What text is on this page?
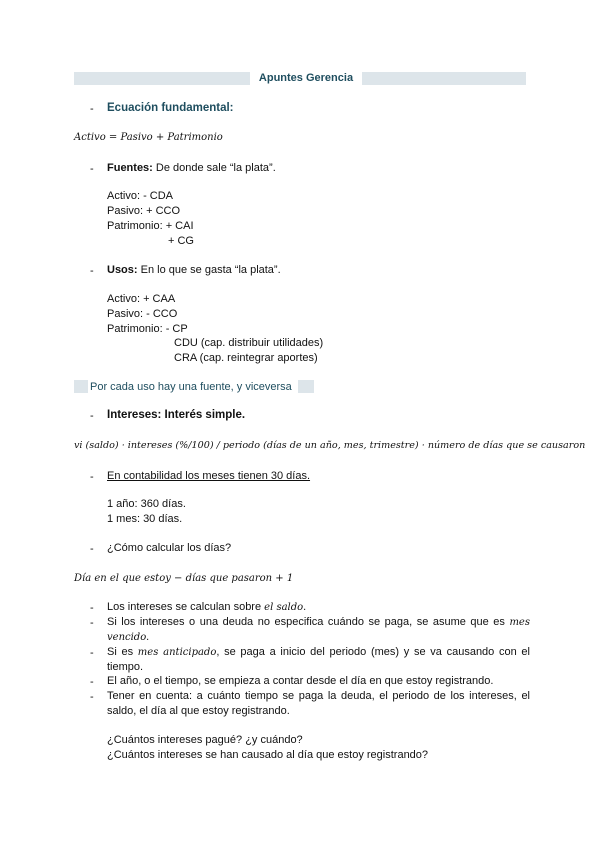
Apuntes Gerencia
- Ecuación fundamental:
Activo = Pasivo + Patrimonio
- Fuentes: De donde sale “la plata”.
Activo: - CDA
Pasivo: + CCO
Patrimonio: + CAI
+ CG
- Usos: En lo que se gasta “la plata”.
Activo: + CAA
Pasivo: - CCO
Patrimonio: - CP
CDU (cap. distribuir utilidades)
CRA (cap. reintegrar aportes)
Por cada uso hay una fuente, y viceversa
- Intereses: Interés simple.
vi (saldo) · intereses (%/100) / periodo (días de un año, mes, trimestre) · número de días que se causaron
- En contabilidad los meses tienen 30 días.
1 año: 360 días.
1 mes: 30 días.
- ¿Cómo calcular los días?
Día en el que estoy − días que pasaron + 1
- Los intereses se calculan sobre el saldo.
- Si los intereses o una deuda no especifica cuándo se paga, se asume que es mes vencido.
- Si es mes anticipado, se paga a inicio del periodo (mes) y se va causando con el tiempo.
- El año, o el tiempo, se empieza a contar desde el día en que estoy registrando.
- Tener en cuenta: a cuánto tiempo se paga la deuda, el periodo de los intereses, el saldo, el día al que estoy registrando.
¿Cuántos intereses pagué? ¿y cuándo?
¿Cuántos intereses se han causado al día que estoy registrando?
